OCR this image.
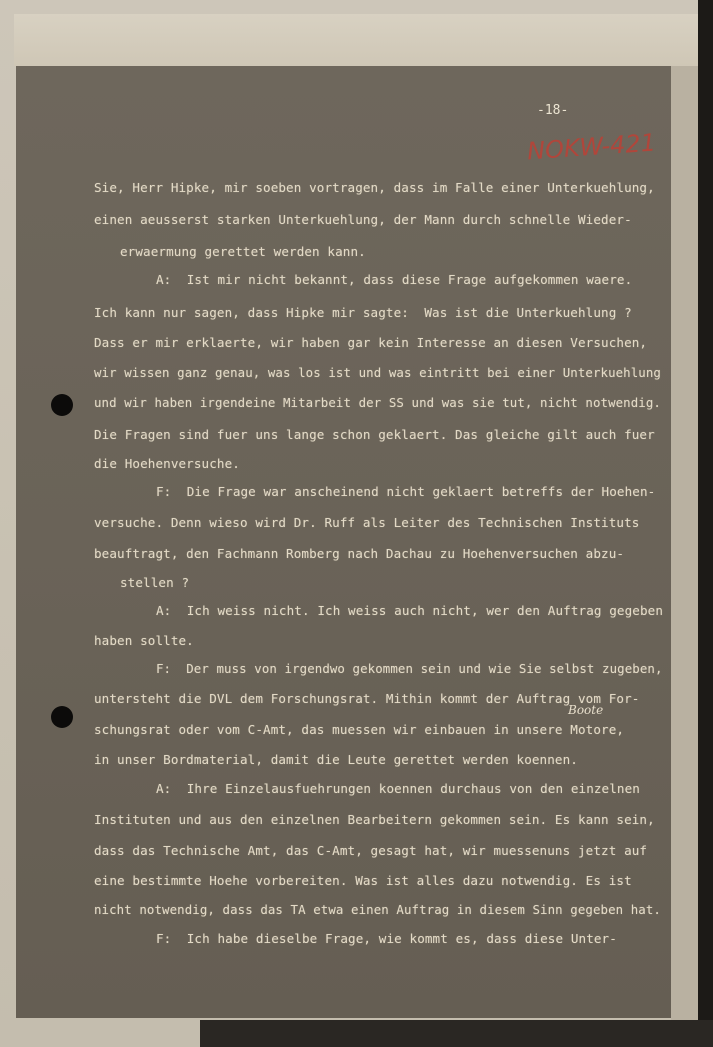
-18-
NOKW-421
Boote
Sie, Herr Hipke, mir soeben vortragen, dass im Falle einer Unterkuehlung,
einen aeusserst starken Unterkuehlung, der Mann durch schnelle Wieder-
erwaermung gerettet werden kann.
A:  Ist mir nicht bekannt, dass diese Frage aufgekommen waere.
Ich kann nur sagen, dass Hipke mir sagte:  Was ist die Unterkuehlung ?
Dass er mir erklaerte, wir haben gar kein Interesse an diesen Versuchen,
wir wissen ganz genau, was los ist und was eintritt bei einer Unterkuehlung
und wir haben irgendeine Mitarbeit der SS und was sie tut, nicht notwendig.
Die Fragen sind fuer uns lange schon geklaert. Das gleiche gilt auch fuer
die Hoehenversuche.
F:  Die Frage war anscheinend nicht geklaert betreffs der Hoehen-
versuche. Denn wieso wird Dr. Ruff als Leiter des Technischen Instituts
beauftragt, den Fachmann Romberg nach Dachau zu Hoehenversuchen abzu-
stellen ?
A:  Ich weiss nicht. Ich weiss auch nicht, wer den Auftrag gegeben
haben sollte.
F:  Der muss von irgendwo gekommen sein und wie Sie selbst zugeben,
untersteht die DVL dem Forschungsrat. Mithin kommt der Auftrag vom For-
schungsrat oder vom C-Amt, das muessen wir einbauen in unsere Motore,
in unser Bordmaterial, damit die Leute gerettet werden koennen.
A:  Ihre Einzelausfuehrungen koennen durchaus von den einzelnen
Instituten und aus den einzelnen Bearbeitern gekommen sein. Es kann sein,
dass das Technische Amt, das C-Amt, gesagt hat, wir muessenuns jetzt auf
eine bestimmte Hoehe vorbereiten. Was ist alles dazu notwendig. Es ist
nicht notwendig, dass das TA etwa einen Auftrag in diesem Sinn gegeben hat.
F:  Ich habe dieselbe Frage, wie kommt es, dass diese Unter-
